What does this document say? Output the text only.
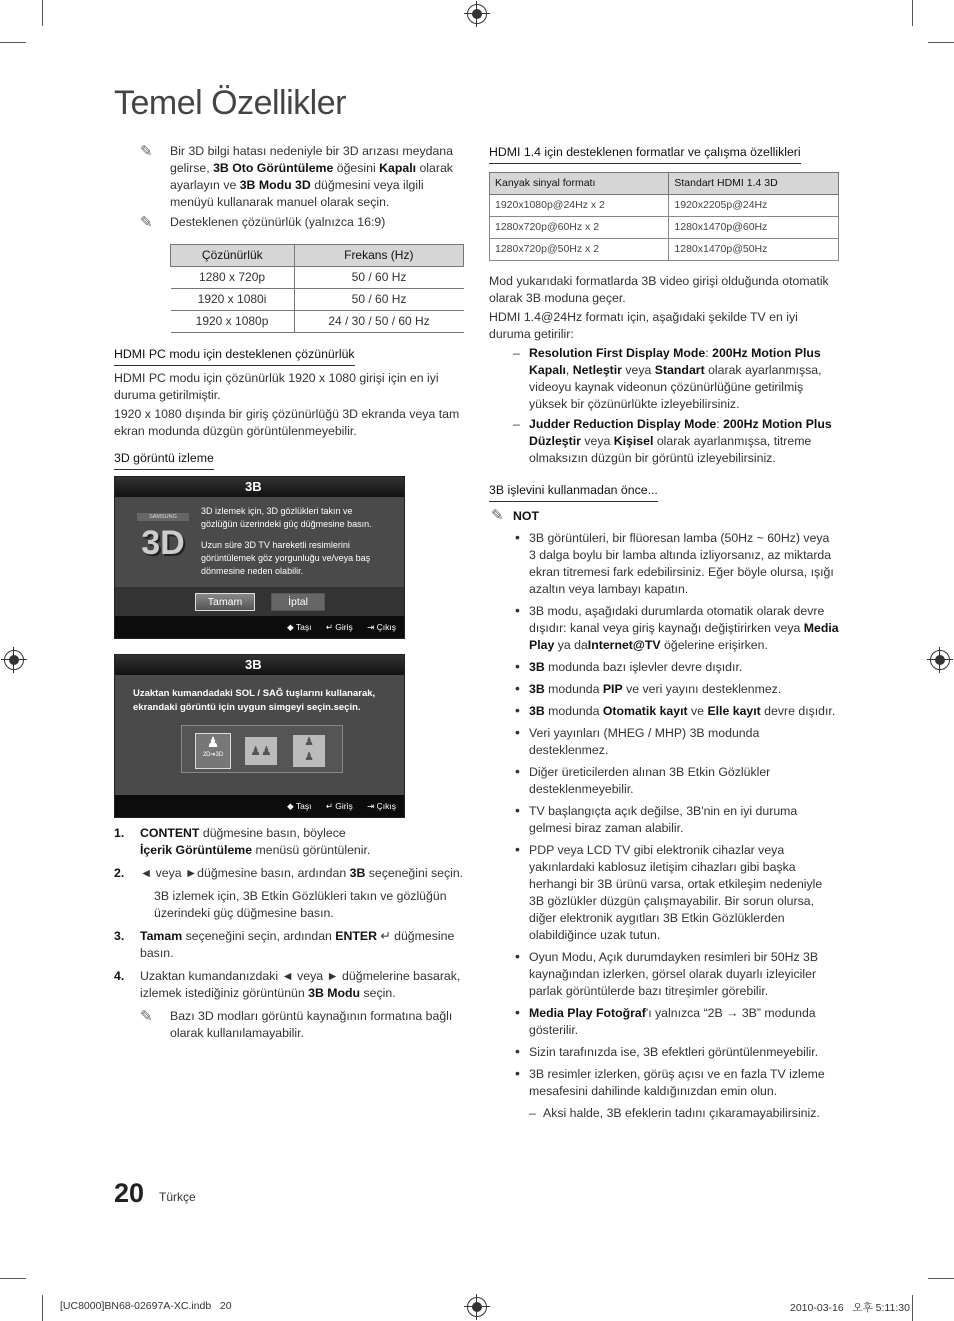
Temel Özellikler
✎ Bir 3D bilgi hatası nedeniyle bir 3D arızası meydana gelirse, 3B Oto Görüntüleme öğesini Kapalı olarak ayarlayın ve 3B Modu 3D düğmesini veya ilgili menüyü kullanarak manuel olarak seçin.

✎ Desteklenen çözünürlük (yalnızca 16:9)

Çözünürlük	Frekans (Hz)
1280 x 720p	50 / 60 Hz
1920 x 1080i	50 / 60 Hz
1920 x 1080p	24 / 30 / 50 / 60 Hz
HDMI PC modu için desteklenen çözünürlük

HDMI PC modu için çözünürlük 1920 x 1080 girişi için en iyi duruma getirilmiştir.

1920 x 1080 dışında bir giriş çözünürlüğü 3D ekranda veya tam ekran modunda düzgün görüntülenmeyebilir.

3D görüntü izleme
3B
SAMSUNG
3D

3D izlemek için, 3D gözlükleri takın ve gözlüğün üzerindeki güç düğmesine basın.

Uzun süre 3D TV hareketli resimlerini görüntülemek göz yorgunluğu ve/veya baş dönmesine neden olabilir.

Tamam	İptal
◆ Taşı ↵ Giriş ⇥ Çıkış
3B

Uzaktan kumandadaki SOL / SAĞ tuşlarını kullanarak, ekrandaki görüntü için uygun simgeyi seçin.seçin.

♟
2D➔3D	♟♟
♟
♟
◆ Taşı ↵ Giriş ⇥ Çıkış
1. CONTENT düğmesine basın, böylece
İçerik Görüntüleme menüsü görüntülenir.

2. ◄ veya ►düğmesine basın, ardından 3B seçeneğini seçin.

3B izlemek için, 3B Etkin Gözlükleri takın ve gözlüğün üzerindeki güç düğmesine basın.

3. Tamam seçeneğini seçin, ardından ENTER ↵ düğmesine basın.

4. Uzaktan kumandanızdaki ◄ veya ► düğmelerine basarak, izlemek istediğiniz görüntünün 3B Modu seçin.

✎ Bazı 3D modları görüntü kaynağının formatına bağlı olarak kullanılamayabilir.

HDMI 1.4 için desteklenen formatlar ve çalışma özellikleri
Kanyak sinyal formatı	Standart HDMI 1.4 3D
1920x1080p@24Hz x 2	1920x2205p@24Hz
1280x720p@60Hz x 2	1280x1470p@60Hz
1280x720p@50Hz x 2	1280x1470p@50Hz

Mod yukarıdaki formatlarda 3B video girişi olduğunda otomatik olarak 3B moduna geçer.

HDMI 1.4@24Hz formatı için, aşağıdaki şekilde TV en iyi duruma getirilir:

– Resolution First Display Mode: 200Hz Motion Plus Kapalı, Netleştir veya Standart olarak ayarlanmışsa, videoyu kaynak videonun çözünürlüğüne getirilmiş yüksek bir çözünürlükte izleyebilirsiniz.

– Judder Reduction Display Mode: 200Hz Motion Plus Düzleştir veya Kişisel olarak ayarlanmışsa, titreme olmaksızın düzgün bir görüntü izleyebilirsiniz.

3B işlevini kullanmadan önce...
✎ NOT

• 3B görüntüleri, bir flüoresan lamba (50Hz ~ 60Hz) veya 3 dalga boylu bir lamba altında izliyorsanız, az miktarda ekran titremesi fark edebilirsiniz. Eğer böyle olursa, ışığı azaltın veya lambayı kapatın.

• 3B modu, aşağıdaki durumlarda otomatik olarak devre dışıdır: kanal veya giriş kaynağı değiştirirken veya Media Play ya daInternet@TV öğelerine erişirken.

• 3B modunda bazı işlevler devre dışıdır.

• 3B modunda PIP ve veri yayını desteklenmez.

• 3B modunda Otomatik kayıt ve Elle kayıt devre dışıdır.

• Veri yayınları (MHEG / MHP) 3B modunda desteklenmez.

• Diğer üreticilerden alınan 3B Etkin Gözlükler desteklenmeyebilir.

• TV başlangıçta açık değilse, 3B'nin en iyi duruma gelmesi biraz zaman alabilir.

• PDP veya LCD TV gibi elektronik cihazlar veya yakınlardaki kablosuz iletişim cihazları gibi başka herhangi bir 3B ürünü varsa, ortak etkileşim nedeniyle 3B gözlükler düzgün çalışmayabilir. Bir sorun olursa, diğer elektronik aygıtları 3B Etkin Gözlüklerden olabildiğince uzak tutun.

• Oyun Modu, Açık durumdayken resimleri bir 50Hz 3B kaynağından izlerken, görsel olarak duyarlı izleyiciler parlak görüntülerde bazı titreşimler görebilir.

• Media Play Fotoğraf'ı yalnızca “2B → 3B” modunda gösterilir.

• Sizin tarafınızda ise, 3B efektleri görüntülenmeyebilir.

• 3B resimler izlerken, görüş açısı ve en fazla TV izleme mesafesini dahilinde kaldığınızdan emin olun.

– Aksi halde, 3B efeklerin tadını çıkaramayabilirsiniz.

20 Türkçe
[UC8000]BN68-02697A-XC.indb   20	2010-03-16   오후 5:11:30
